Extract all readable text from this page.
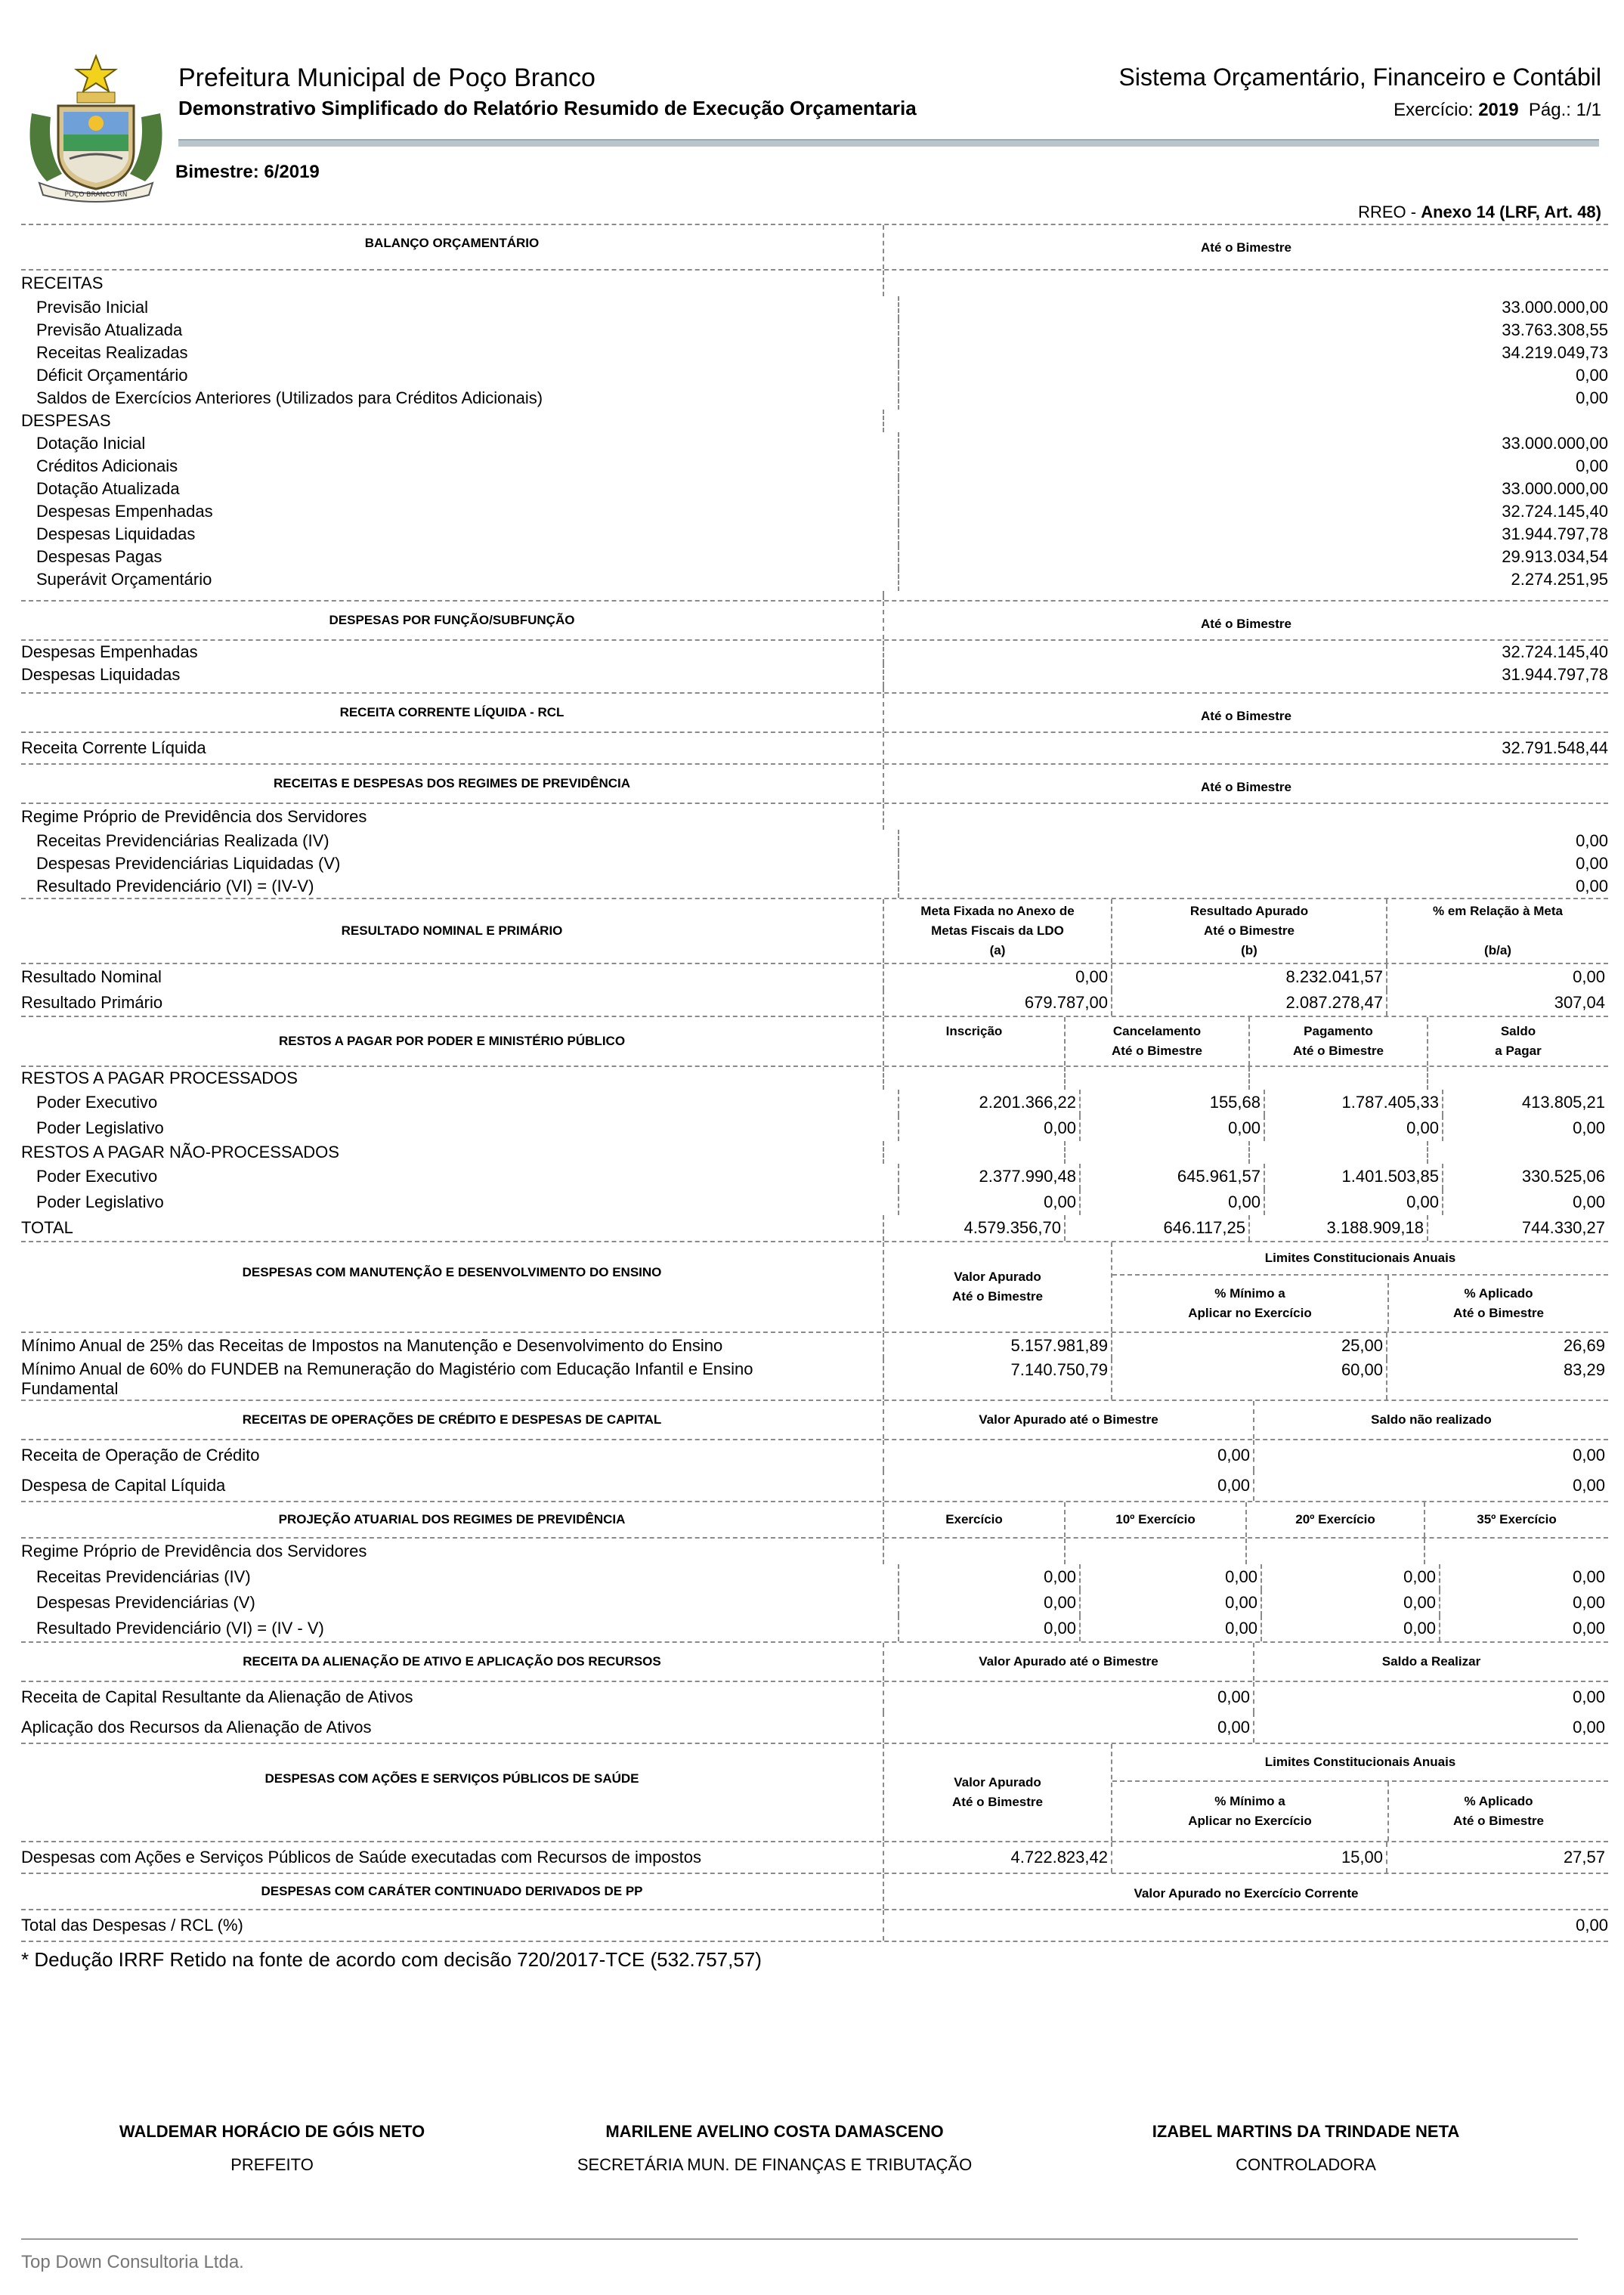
POÇO BRANCO RN
Prefeitura Municipal de Poço Branco
Demonstrativo Simplificado do Relatório Resumido de Execução Orçamentaria
Sistema Orçamentário, Financeiro e Contábil
Exercício: 2019 Pág.: 1/1
Bimestre: 6/2019
RREO - Anexo 14 (LRF, Art. 48)
BALANÇO ORÇAMENTÁRIO	Até o Bimestre
RECEITAS
Previsão Inicial	33.000.000,00
Previsão Atualizada	33.763.308,55
Receitas Realizadas	34.219.049,73
Déficit Orçamentário	0,00
Saldos de Exercícios Anteriores (Utilizados para Créditos Adicionais)	0,00
DESPESAS
Dotação Inicial	33.000.000,00
Créditos Adicionais	0,00
Dotação Atualizada	33.000.000,00
Despesas Empenhadas	32.724.145,40
Despesas Liquidadas	31.944.797,78
Despesas Pagas	29.913.034,54
Superávit Orçamentário	2.274.251,95
DESPESAS POR FUNÇÃO/SUBFUNÇÃO	Até o Bimestre
Despesas Empenhadas	32.724.145,40
Despesas Liquidadas	31.944.797,78
RECEITA CORRENTE LÍQUIDA - RCL	Até o Bimestre
Receita Corrente Líquida	32.791.548,44
RECEITAS E DESPESAS DOS REGIMES DE PREVIDÊNCIA	Até o Bimestre
Regime Próprio de Previdência dos Servidores
Receitas Previdenciárias Realizada (IV)	0,00
Despesas Previdenciárias Liquidadas (V)	0,00
Resultado Previdenciário (VI) = (IV-V)	0,00
RESULTADO NOMINAL E PRIMÁRIO
Meta Fixada no Anexo de
Metas Fiscais da LDO
(a)
Resultado Apurado
Até o Bimestre
(b)
% em Relação à Meta

(b/a)
Resultado Nominal	0,00	8.232.041,57	0,00
Resultado Primário	679.787,00	2.087.278,47	307,04
RESTOS A PAGAR POR PODER E MINISTÉRIO PÚBLICO
Inscrição	Cancelamento
Até o Bimestre
Pagamento
Até o Bimestre
Saldo
a Pagar
RESTOS A PAGAR PROCESSADOS
Poder Executivo	2.201.366,22	155,68	1.787.405,33	413.805,21
Poder Legislativo	0,00	0,00	0,00	0,00
RESTOS A PAGAR NÃO-PROCESSADOS
Poder Executivo	2.377.990,48	645.961,57	1.401.503,85	330.525,06
Poder Legislativo	0,00	0,00	0,00	0,00
TOTAL	4.579.356,70	646.117,25	3.188.909,18	744.330,27
DESPESAS COM MANUTENÇÃO E DESENVOLVIMENTO DO ENSINO	Valor Apurado
Até o Bimestre
Limites Constitucionais Anuais
% Mínimo a
Aplicar no Exercício
% Aplicado
Até o Bimestre
Mínimo Anual de 25% das Receitas de Impostos na Manutenção e Desenvolvimento do Ensino	5.157.981,89	25,00	26,69
Mínimo Anual de 60% do FUNDEB na Remuneração do Magistério com Educação Infantil e Ensino
Fundamental
7.140.750,79	60,00	83,29
RECEITAS DE OPERAÇÕES DE CRÉDITO E DESPESAS DE CAPITAL	Valor Apurado até o Bimestre	Saldo não realizado
Receita de Operação de Crédito	0,00	0,00
Despesa de Capital Líquida	0,00	0,00
PROJEÇÃO ATUARIAL DOS REGIMES DE PREVIDÊNCIA	Exercício	10º Exercício	20º Exercício	35º Exercício
Regime Próprio de Previdência dos Servidores
Receitas Previdenciárias (IV)	0,00	0,00	0,00	0,00
Despesas Previdenciárias (V)	0,00	0,00	0,00	0,00
Resultado Previdenciário (VI) = (IV - V)	0,00	0,00	0,00	0,00
RECEITA DA ALIENAÇÃO DE ATIVO E APLICAÇÃO DOS RECURSOS	Valor Apurado até o Bimestre	Saldo a Realizar
Receita de Capital Resultante da Alienação de Ativos	0,00	0,00
Aplicação dos Recursos da Alienação de Ativos	0,00	0,00
DESPESAS COM AÇÕES E SERVIÇOS PÚBLICOS DE SAÚDE	Valor Apurado
Até o Bimestre
Limites Constitucionais Anuais
% Mínimo a
Aplicar no Exercício
% Aplicado
Até o Bimestre
Despesas com Ações e Serviços Públicos de Saúde executadas com Recursos de impostos	4.722.823,42	15,00	27,57
DESPESAS COM CARÁTER CONTINUADO DERIVADOS DE PP	Valor Apurado no Exercício Corrente
Total das Despesas / RCL (%)	0,00
* Dedução IRRF Retido na fonte de acordo com decisão 720/2017-TCE (532.757,57)
WALDEMAR HORÁCIO DE GÓIS NETO
PREFEITO
MARILENE AVELINO COSTA DAMASCENO
SECRETÁRIA MUN. DE FINANÇAS E TRIBUTAÇÃO
IZABEL MARTINS DA TRINDADE NETA
CONTROLADORA
Top Down Consultoria Ltda.
